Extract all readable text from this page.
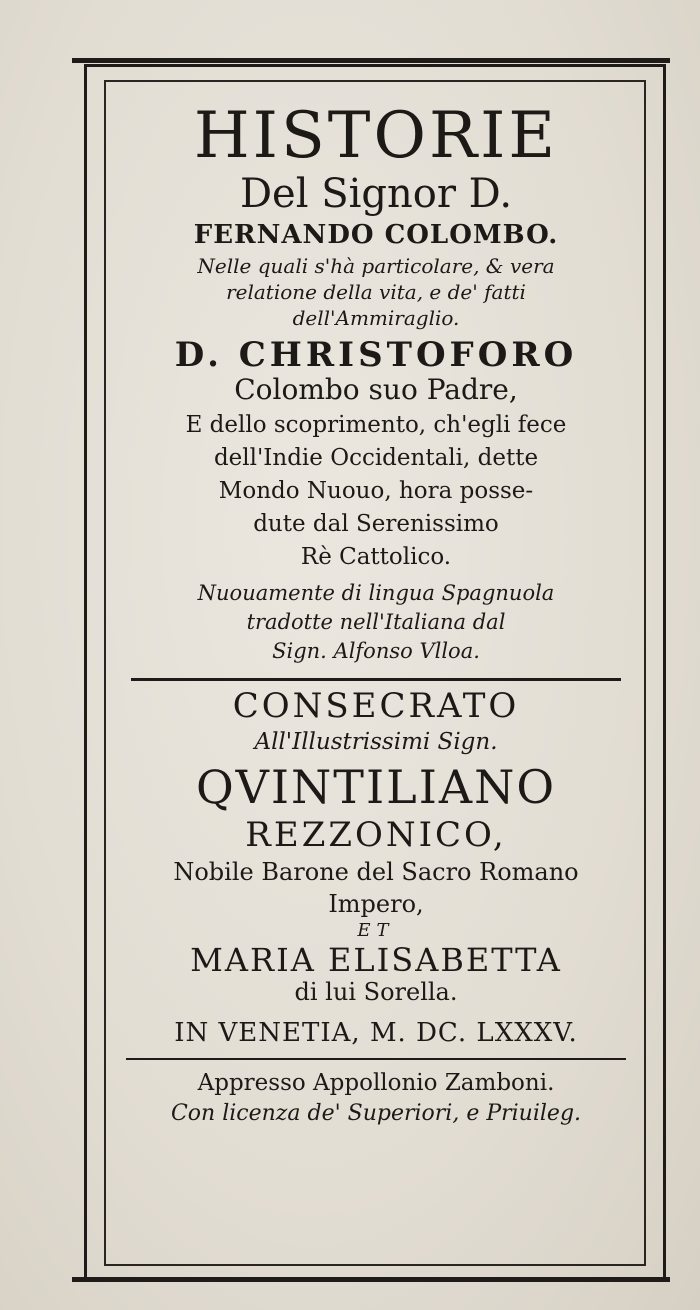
HISTORIE
Del Signor D.
FERNANDO COLOMBO.
Nelle quali s'hà particolare, & vera
relatione della vita, e de' fatti
dell'Ammiraglio.
D. CHRISTOFORO
Colombo suo Padre,
E dello scoprimento, ch'egli fece
dell'Indie Occidentali, dette
Mondo Nuouo, hora posse-
dute dal Serenissimo
Rè Cattolico.
Nuouamente di lingua Spagnuola
tradotte nell'Italiana dal
Sign. Alfonso Vlloa.
CONSECRATO
All'Illustrissimi Sign.
QVINTILIANO
REZZONICO,
Nobile Barone del Sacro Romano
Impero,
ET
MARIA ELISABETTA
di lui Sorella.
IN VENETIA, M. DC. LXXXV.
Appresso Appollonio Zamboni.
Con licenza de' Superiori, e Priuileg.
